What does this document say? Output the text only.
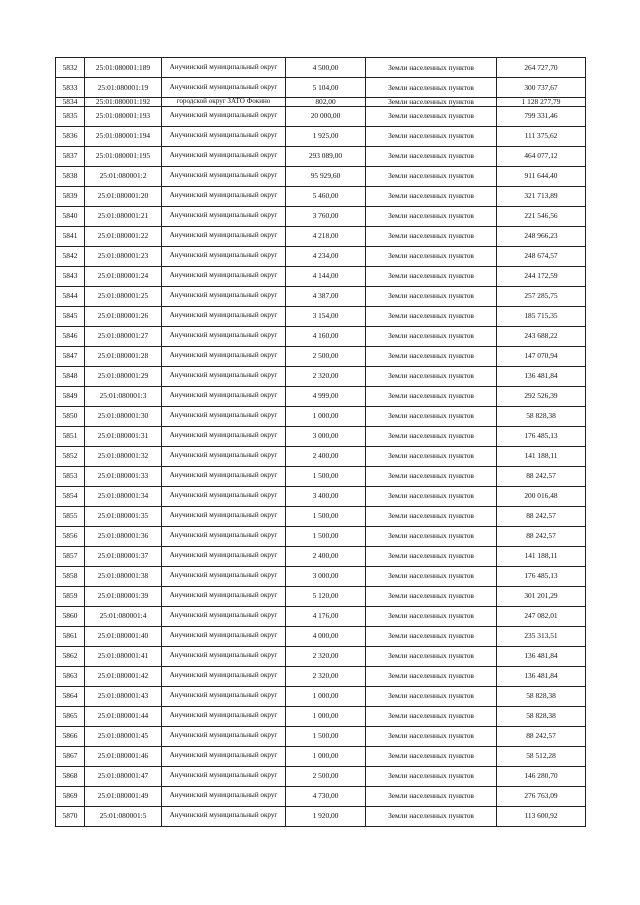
5832	25:01:080001:189	Анучинский муниципальный округ	4 500,00	Земли населенных пунктов	264 727,70
5833	25:01:080001:19	Анучинский муниципальный округ	5 104,00	Земли населенных пунктов	300 737,67
5834	25:01:080001:192	городской округ ЗАТО Фокино	802,00	Земли населенных пунктов	1 128 277,79
5835	25:01:080001:193	Анучинский муниципальный округ	20 000,00	Земли населенных пунктов	799 331,46
5836	25:01:080001:194	Анучинский муниципальный округ	1 925,00	Земли населенных пунктов	111 375,62
5837	25:01:080001:195	Анучинский муниципальный округ	293 089,00	Земли населенных пунктов	464 077,12
5838	25:01:080001:2	Анучинский муниципальный округ	95 929,60	Земли населенных пунктов	911 644,40
5839	25:01:080001:20	Анучинский муниципальный округ	5 460,00	Земли населенных пунктов	321 713,89
5840	25:01:080001:21	Анучинский муниципальный округ	3 760,00	Земли населенных пунктов	221 546,56
5841	25:01:080001:22	Анучинский муниципальный округ	4 218,00	Земли населенных пунктов	248 966,23
5842	25:01:080001:23	Анучинский муниципальный округ	4 234,00	Земли населенных пунктов	248 674,57
5843	25:01:080001:24	Анучинский муниципальный округ	4 144,00	Земли населенных пунктов	244 172,59
5844	25:01:080001:25	Анучинский муниципальный округ	4 387,00	Земли населенных пунктов	257 285,75
5845	25:01:080001:26	Анучинский муниципальный округ	3 154,00	Земли населенных пунктов	185 715,35
5846	25:01:080001:27	Анучинский муниципальный округ	4 160,00	Земли населенных пунктов	243 688,22
5847	25:01:080001:28	Анучинский муниципальный округ	2 500,00	Земли населенных пунктов	147 070,94
5848	25:01:080001:29	Анучинский муниципальный округ	2 320,00	Земли населенных пунктов	136 481,84
5849	25:01:080001:3	Анучинский муниципальный округ	4 999,00	Земли населенных пунктов	292 526,39
5850	25:01:080001:30	Анучинский муниципальный округ	1 000,00	Земли населенных пунктов	58 828,38
5851	25:01:080001:31	Анучинский муниципальный округ	3 000,00	Земли населенных пунктов	176 485,13
5852	25:01:080001:32	Анучинский муниципальный округ	2 400,00	Земли населенных пунктов	141 188,11
5853	25:01:080001:33	Анучинский муниципальный округ	1 500,00	Земли населенных пунктов	88 242,57
5854	25:01:080001:34	Анучинский муниципальный округ	3 400,00	Земли населенных пунктов	200 016,48
5855	25:01:080001:35	Анучинский муниципальный округ	1 500,00	Земли населенных пунктов	88 242,57
5856	25:01:080001:36	Анучинский муниципальный округ	1 500,00	Земли населенных пунктов	88 242,57
5857	25:01:080001:37	Анучинский муниципальный округ	2 400,00	Земли населенных пунктов	141 188,11
5858	25:01:080001:38	Анучинский муниципальный округ	3 000,00	Земли населенных пунктов	176 485,13
5859	25:01:080001:39	Анучинский муниципальный округ	5 120,00	Земли населенных пунктов	301 201,29
5860	25:01:080001:4	Анучинский муниципальный округ	4 176,00	Земли населенных пунктов	247 082,01
5861	25:01:080001:40	Анучинский муниципальный округ	4 000,00	Земли населенных пунктов	235 313,51
5862	25:01:080001:41	Анучинский муниципальный округ	2 320,00	Земли населенных пунктов	136 481,84
5863	25:01:080001:42	Анучинский муниципальный округ	2 320,00	Земли населенных пунктов	136 481,84
5864	25:01:080001:43	Анучинский муниципальный округ	1 000,00	Земли населенных пунктов	58 828,38
5865	25:01:080001:44	Анучинский муниципальный округ	1 000,00	Земли населенных пунктов	58 828,38
5866	25:01:080001:45	Анучинский муниципальный округ	1 500,00	Земли населенных пунктов	88 242,57
5867	25:01:080001:46	Анучинский муниципальный округ	1 000,00	Земли населенных пунктов	58 512,28
5868	25:01:080001:47	Анучинский муниципальный округ	2 500,00	Земли населенных пунктов	146 280,70
5869	25:01:080001:49	Анучинский муниципальный округ	4 730,00	Земли населенных пунктов	276 763,09
5870	25:01:080001:5	Анучинский муниципальный округ	1 920,00	Земли населенных пунктов	113 600,92
